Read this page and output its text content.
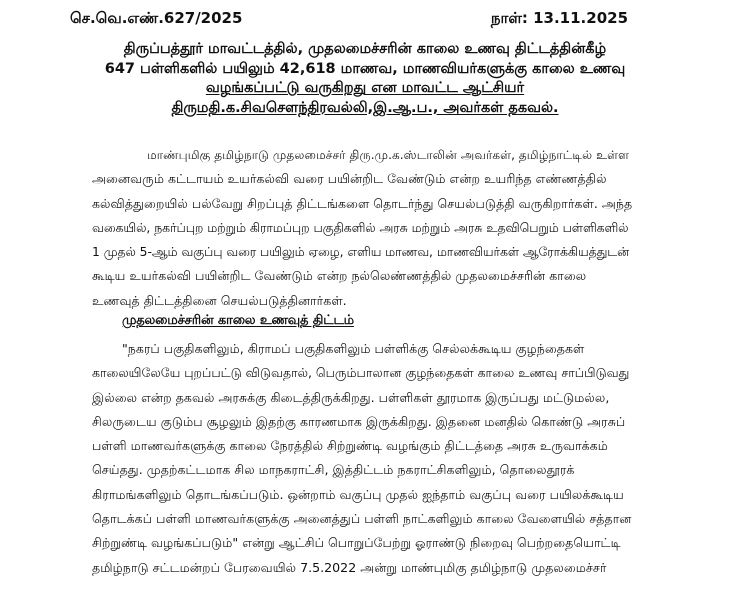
செ.வெ.எண்.627/2025	நாள்: 13.11.2025
திருப்பத்தூர் மாவட்டத்தில், முதலமைச்சரின் காலை உணவு திட்டத்தின்கீழ்
647 பள்ளிகளில் பயிலும் 42,618 மாணவ, மாணவியர்களுக்கு காலை உணவு
வழங்கப்பட்டு வருகிறது என மாவட்ட ஆட்சியர்
திருமதி.க.சிவசௌந்திரவல்லி,இ.ஆ.ப., அவர்கள் தகவல்.
மாண்புமிகு தமிழ்நாடு முதலமைச்சர் திரு.மு.க.ஸ்டாலின் அவர்கள், தமிழ்நாட்டில் உள்ள
அனைவரும் கட்டாயம் உயர்கல்வி வரை பயின்றிட வேண்டும் என்ற உயரிந்த எண்ணத்தில்
கல்வித்துறையில் பல்வேறு சிறப்புத் திட்டங்களை தொடர்ந்து செயல்படுத்தி வருகிறார்கள். அந்த
வகையில், நகர்ப்புற மற்றும் கிராமப்புற பகுதிகளில் அரசு மற்றும் அரசு உதவிபெறும் பள்ளிகளில்
1 முதல் 5-ஆம் வகுப்பு வரை பயிலும் ஏழை, எளிய மாணவ, மாணவியர்கள் ஆரோக்கியத்துடன்
கூடிய உயர்கல்வி பயின்றிட வேண்டும் என்ற நல்லெண்ணத்தில் முதலமைச்சரின் காலை
உணவுத் திட்டத்தினை செயல்படுத்தினார்கள்.
முதலமைச்சரின் காலை உணவுத் திட்டம்
"நகரப் பகுதிகளிலும், கிராமப் பகுதிகளிலும் பள்ளிக்கு செல்லக்கூடிய குழந்தைகள்
காலையிலேயே புறப்பட்டு விடுவதால், பெரும்பாலான குழந்தைகள் காலை உணவு சாப்பிடுவது
இல்லை என்ற தகவல் அரசுக்கு கிடைத்திருக்கிறது. பள்ளிகள் தூரமாக இருப்பது மட்டுமல்ல,
சிலருடைய குடும்ப சூழலும் இதற்கு காரணமாக இருக்கிறது. இதனை மனதில் கொண்டு அரசுப்
பள்ளி மாணவர்களுக்கு காலை நேரத்தில் சிற்றுண்டி வழங்கும் திட்டத்தை அரசு உருவாக்கம்
செய்தது. முதற்கட்டமாக சில மாநகராட்சி, இத்திட்டம் நகராட்சிகளிலும், தொலைதூரக்
கிராமங்களிலும் தொடங்கப்படும். ஒன்றாம் வகுப்பு முதல் ஐந்தாம் வகுப்பு வரை பயிலக்கூடிய
தொடக்கப் பள்ளி மாணவர்களுக்கு அனைத்துப் பள்ளி நாட்களிலும் காலை வேளையில் சத்தான
சிற்றுண்டி வழங்கப்படும்" என்று ஆட்சிப் பொறுப்பேற்று ஓராண்டு நிறைவு பெற்றதையொட்டி
தமிழ்நாடு சட்டமன்றப் பேரவையில் 7.5.2022 அன்று மாண்புமிகு தமிழ்நாடு முதலமைச்சர்
